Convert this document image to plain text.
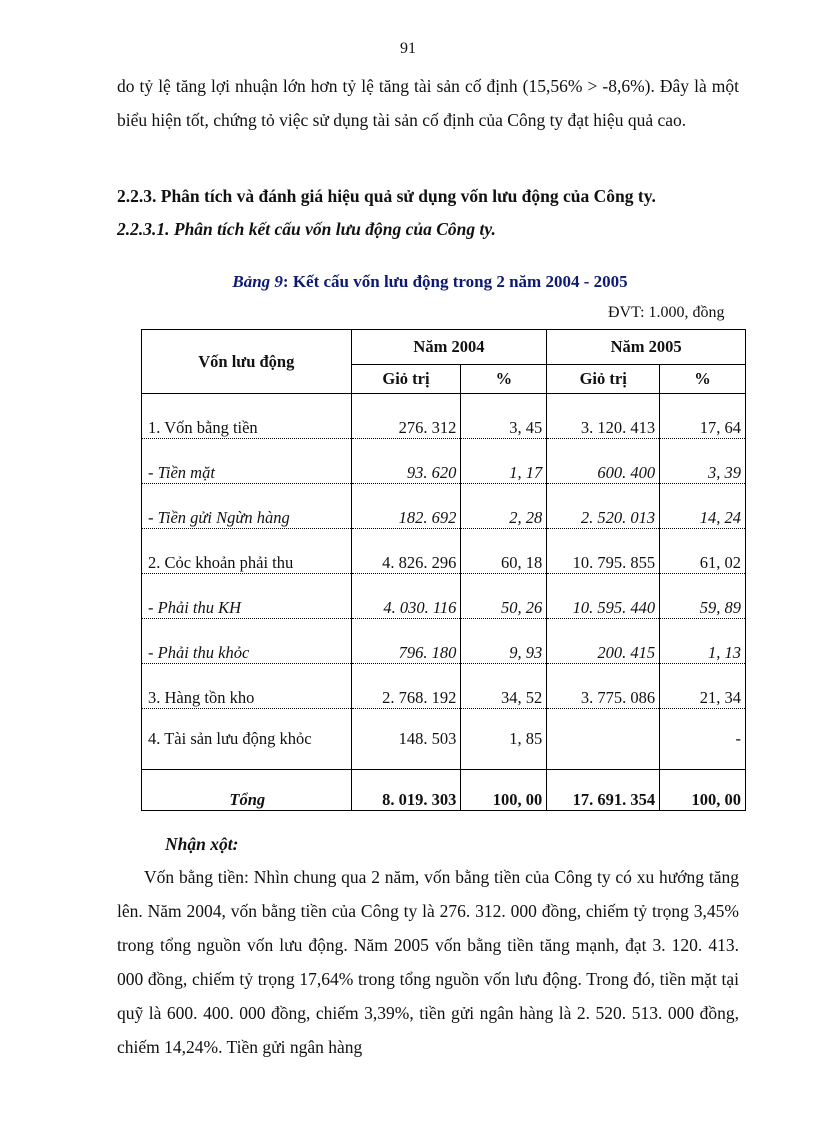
91

do tỷ lệ tăng lợi nhuận lớn hơn tỷ lệ tăng tài sản cố định (15,56% > -8,6%). Đây là một biểu hiện tốt, chứng tỏ việc sử dụng tài sản cố định của Công ty đạt hiệu quả cao.

2.2.3. Phân tích và đánh giá hiệu quả sử dụng vốn lưu động của Công ty.

2.2.3.1. Phân tích kết cấu vốn lưu động của Công ty.

Bảng 9: Kết cấu vốn lưu động trong 2 năm 2004 - 2005

ĐVT: 1.000, đồng

Vốn lưu động	Năm 2004		Năm 2005	
	Giỏ trị	%	Giỏ trị	%
1. Vốn bằng tiền	276. 312	3, 45	3. 120. 413	17, 64
- Tiền mặt	93. 620	1, 17	600. 400	3, 39
- Tiền gửi Ngừn hàng	182. 692	2, 28	2. 520. 013	14, 24
2. Cỏc khoản phải thu	4. 826. 296	60, 18	10. 795. 855	61, 02
- Phải thu KH	4. 030. 116	50, 26	10. 595. 440	59, 89
- Phải thu khỏc	796. 180	9, 93	200. 415	1, 13
3. Hàng tồn kho	2. 768. 192	34, 52	3. 775. 086	21, 34
4. Tài sản lưu động khỏc	148. 503	1, 85		-
Tổng	8. 019. 303	100, 00	17. 691. 354	100, 00

Nhận xột:

Vốn bằng tiền: Nhìn chung qua 2 năm, vốn bằng tiền của Công ty có xu hướng tăng lên. Năm 2004, vốn bằng tiền của Công ty là 276. 312. 000 đồng, chiếm tỷ trọng 3,45% trong tổng nguồn vốn lưu động. Năm 2005 vốn bằng tiền tăng mạnh, đạt 3. 120. 413. 000 đồng, chiếm tỷ trọng 17,64% trong tổng nguồn vốn lưu động. Trong đó, tiền mặt tại quỹ là 600. 400. 000 đồng, chiếm 3,39%, tiền gửi ngân hàng là 2. 520. 513. 000 đồng, chiếm 14,24%. Tiền gửi ngân hàng
